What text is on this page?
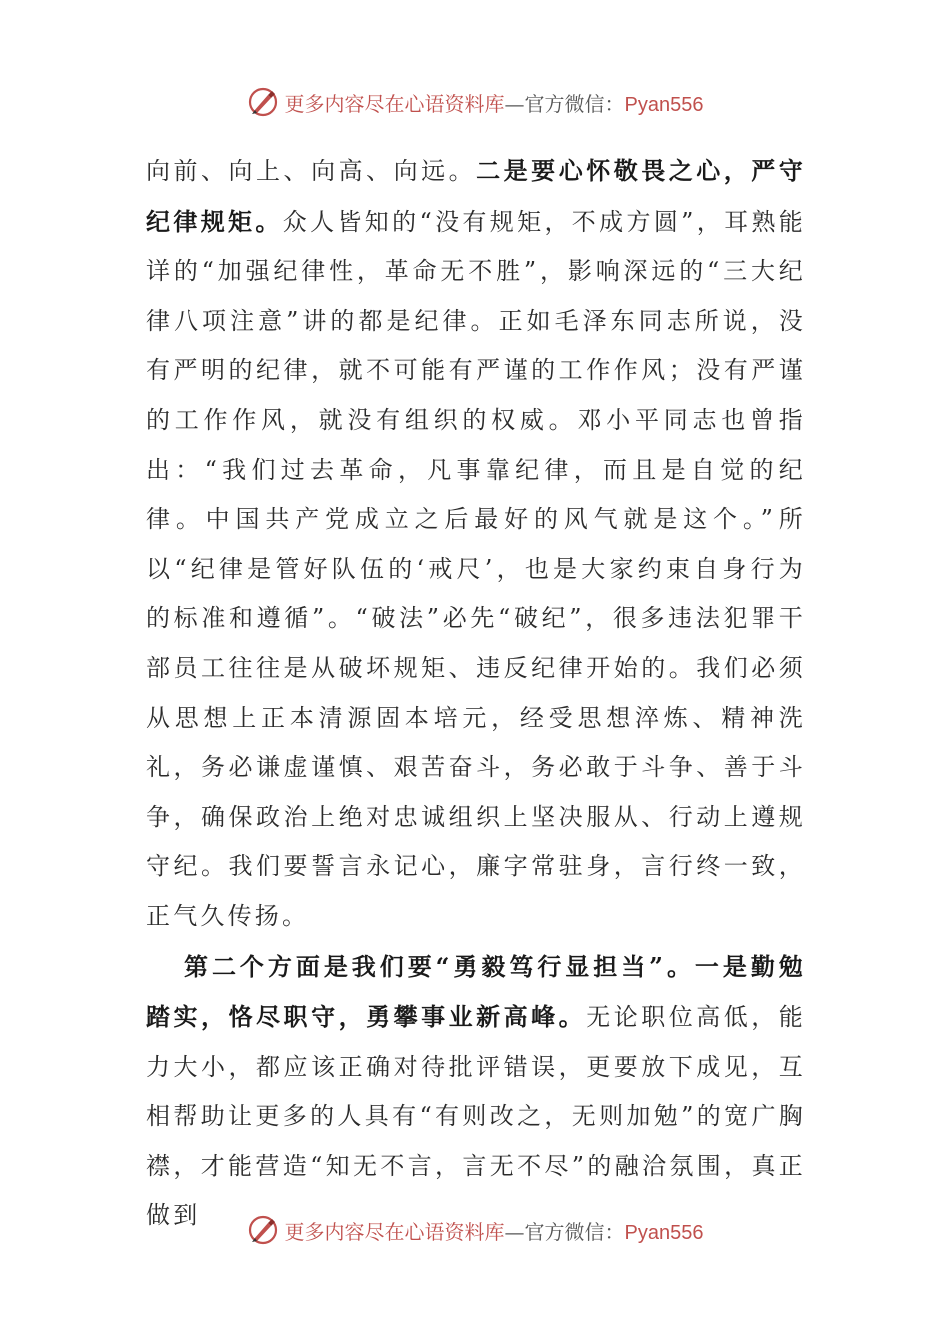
更多内容尽在心语资料库—官方微信：Pyan556

向前、向上、向高、向远。二是要心怀敬畏之心，严守纪律规矩。众人皆知的“没有规矩，不成方圆”，耳熟能详的“加强纪律性，革命无不胜”，影响深远的“三大纪律八项注意”讲的都是纪律。正如毛泽东同志所说，没有严明的纪律，就不可能有严谨的工作作风；没有严谨的工作作风，就没有组织的权威。邓小平同志也曾指出：“我们过去革命，凡事靠纪律，而且是自觉的纪律。中国共产党成立之后最好的风气就是这个。”所以“纪律是管好队伍的‘戒尺’，也是大家约束自身行为的标准和遵循”。“破法”必先“破纪”，很多违法犯罪干部员工往往是从破坏规矩、违反纪律开始的。我们必须从思想上正本清源固本培元，经受思想淬炼、精神洗礼，务必谦虚谨慎、艰苦奋斗，务必敢于斗争、善于斗争，确保政治上绝对忠诚组织上坚决服从、行动上遵规守纪。我们要誓言永记心，廉字常驻身，言行终一致，正气久传扬。

第二个方面是我们要“勇毅笃行显担当”。一是勤勉踏实，恪尽职守，勇攀事业新高峰。无论职位高低，能力大小，都应该正确对待批评错误，更要放下成见，互相帮助让更多的人具有“有则改之，无则加勉”的宽广胸襟，才能营造“知无不言，言无不尽”的融洽氛围，真正做到

更多内容尽在心语资料库—官方微信：Pyan556
